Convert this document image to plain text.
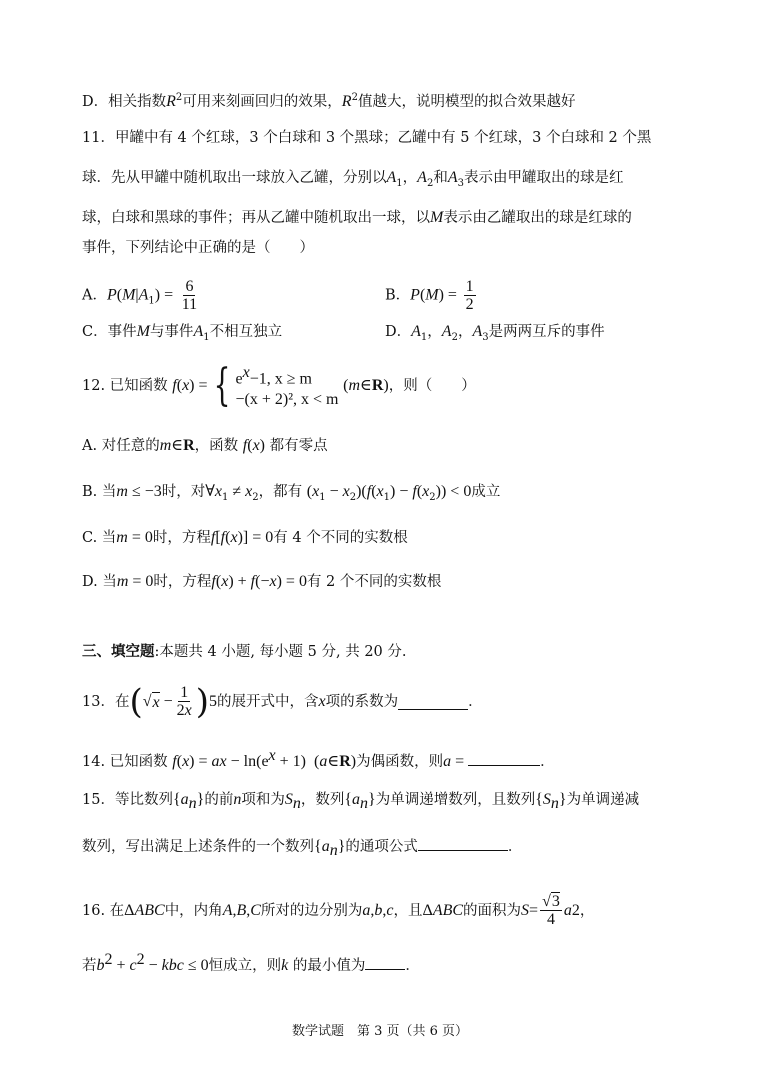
D．相关指数$R^2$可用来刻画回归的效果，$R^2$值越大，说明模型的拟合效果越好
11．甲罐中有 4 个红球，3 个白球和 3 个黑球；乙罐中有 5 个红球，3 个白球和 2 个黑
球．先从甲罐中随机取出一球放入乙罐，分别以$A_1$，$A_2$和$A_3$表示由甲罐取出的球是红
球，白球和黑球的事件；再从乙罐中随机取出一球，以M表示由乙罐取出的球是红球的
事件，下列结论中正确的是（　　）
A．$P(M|A_1) = \frac{6}{11}$	B．$P(M) = \frac{1}{2}$
C．事件M与事件$A_1$不相互独立	D．$A_1$，$A_2$，$A_3$是两两互斥的事件
12. 已知函数
f ( x ) = { $e^x-1$, x ≥ m
−(x + 2)², x < m

( m ∈ R ) ，则（　　）
A. 对任意的m∈R，函数 f(x) 都有零点
B. 当m ≤ −3时，对$\forall x_1 \ne x_2$，都有 $(x_1 - x_2)(f(x_1) - f(x_2)) < 0$成立
C. 当m = 0时，方程f[f(x)] = 0有 4 个不同的实数根
D. 当m = 0时，方程f(x) + f(−x) = 0有 2 个不同的实数根
三、填空题:本题共 4 小题, 每小题 5 分, 共 20 分.
13．在 ( √ $x - \frac{1}{2x}$ ) 5 的展开式中，含 x 项的系数为	．
14. 已知函数 f(x) = ax − $\ln(e^x + 1)$  (a∈R)为偶函数，则a =	．
15．等比数列$\{a_n\}$的前n项和为$S_n$，数列$\{a_n\}$为单调递增数列，且数列$\{S_n\}$为单调递减
数列，写出满足上述条件的一个数列$\{a_n\}$的通项公式	．
16. 在 Δ ABC 中，内角 A , B , C 所对的边分别为 a , b , c ，且 Δ ABC 的面积为 $S = \frac{√3}{4}$ a 2 ，
若$b^2 + c^2$ − kbc ≤ 0恒成立，则k 的最小值为	．
数学试题　第 3 页（共 6 页）
